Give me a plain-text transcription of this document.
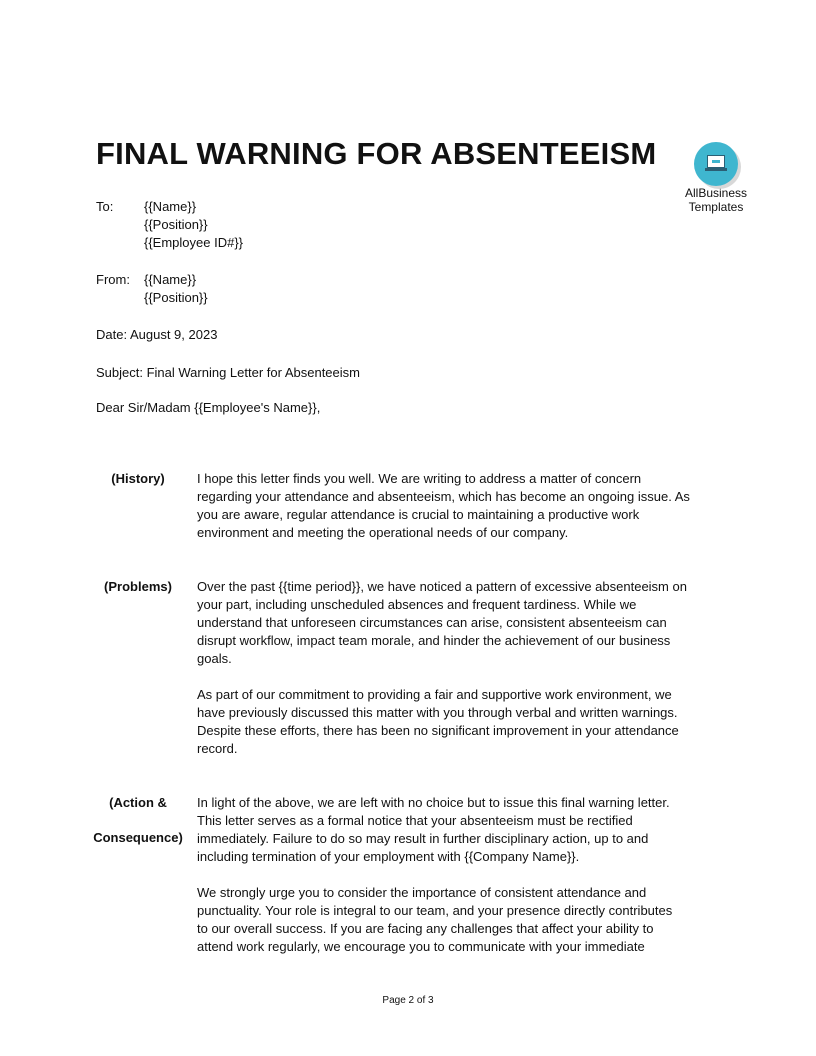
FINAL WARNING FOR ABSENTEEISM
AllBusiness
Templates
To: {{Name}}
{{Position}}
{{Employee ID#}}
From: {{Name}}
{{Position}}
Date: August 9, 2023
Subject: Final Warning Letter for Absenteeism
Dear Sir/Madam {{Employee's Name}},
(History)	I hope this letter finds you well. We are writing to address a matter of concern
regarding your attendance and absenteeism, which has become an ongoing issue. As
you are aware, regular attendance is crucial to maintaining a productive work
environment and meeting the operational needs of our company.
(Problems)	Over the past {{time period}}, we have noticed a pattern of excessive absenteeism on
your part, including unscheduled absences and frequent tardiness. While we
understand that unforeseen circumstances can arise, consistent absenteeism can
disrupt workflow, impact team morale, and hinder the achievement of our business
goals.
As part of our commitment to providing a fair and supportive work environment, we
have previously discussed this matter with you through verbal and written warnings.
Despite these efforts, there has been no significant improvement in your attendance
record.
(Action &
Consequence)
In light of the above, we are left with no choice but to issue this final warning letter.
This letter serves as a formal notice that your absenteeism must be rectified
immediately. Failure to do so may result in further disciplinary action, up to and
including termination of your employment with {{Company Name}}.
We strongly urge you to consider the importance of consistent attendance and
punctuality. Your role is integral to our team, and your presence directly contributes
to our overall success. If you are facing any challenges that affect your ability to
attend work regularly, we encourage you to communicate with your immediate
Page 2 of 3
